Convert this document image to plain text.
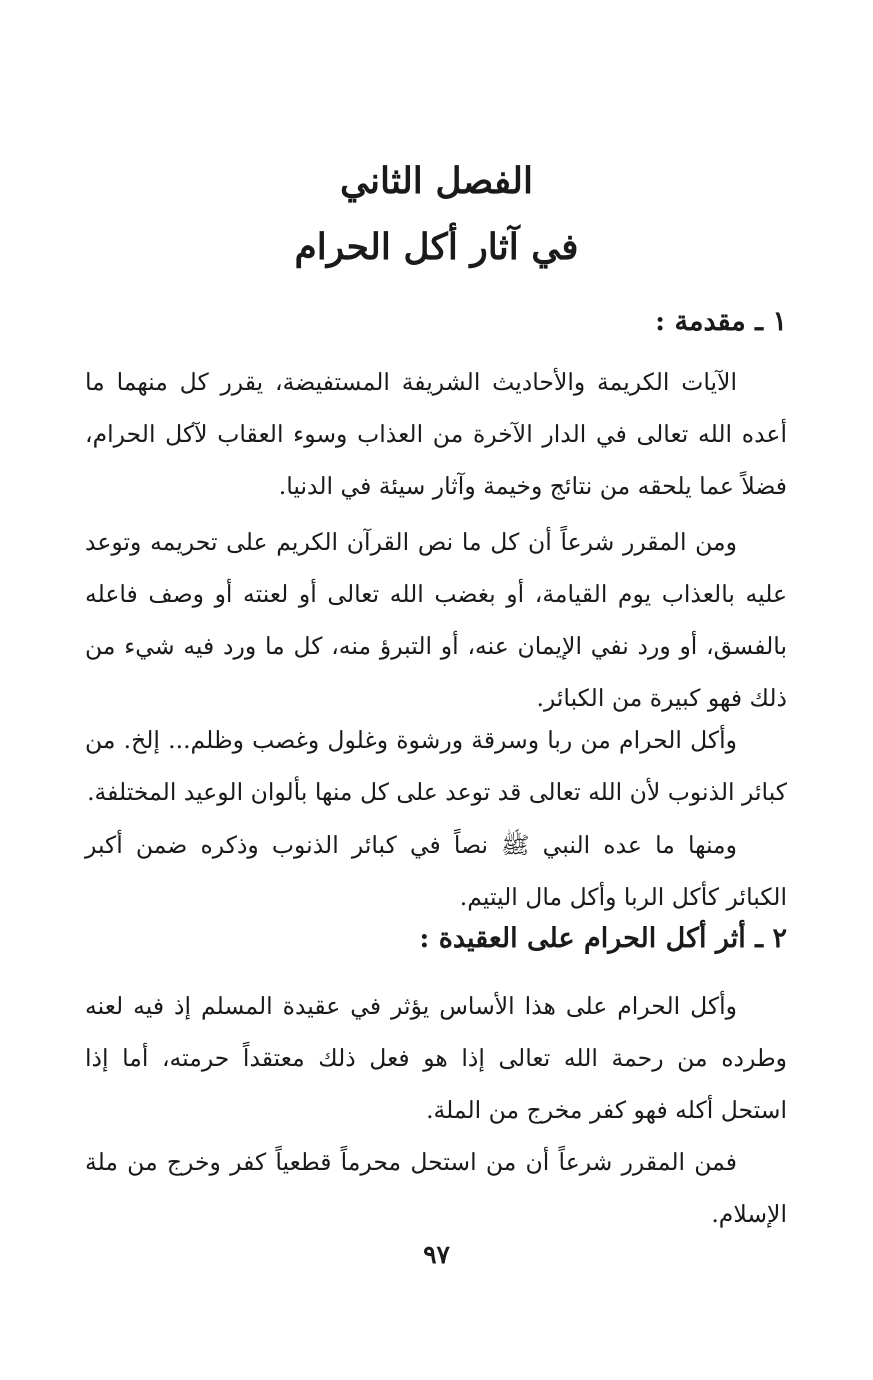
الفصل الثاني
في آثار أكل الحرام
١ ـ مقدمة :

الآيات الكريمة والأحاديث الشريفة المستفيضة، يقرر كل منهما ما أعده الله تعالى في الدار الآخرة من العذاب وسوء العقاب لآكل الحرام، فضلاً عما يلحقه من نتائج وخيمة وآثار سيئة في الدنيا.

ومن المقرر شرعاً أن كل ما نص القرآن الكريم على تحريمه وتوعد عليه بالعذاب يوم القيامة، أو بغضب الله تعالى أو لعنته أو وصف فاعله بالفسق، أو ورد نفي الإيمان عنه، أو التبرؤ منه، كل ما ورد فيه شيء من ذلك فهو كبيرة من الكبائر.

وأكل الحرام من ربا وسرقة ورشوة وغلول وغصب وظلم... إلخ. من كبائر الذنوب لأن الله تعالى قد توعد على كل منها بألوان الوعيد المختلفة.

ومنها ما عده النبي ﷺ نصاً في كبائر الذنوب وذكره ضمن أكبر الكبائر كأكل الربا وأكل مال اليتيم.

٢ ـ أثر أكل الحرام على العقيدة :

وأكل الحرام على هذا الأساس يؤثر في عقيدة المسلم إذ فيه لعنه وطرده من رحمة الله تعالى إذا هو فعل ذلك معتقداً حرمته، أما إذا استحل أكله فهو كفر مخرج من الملة.

فمن المقرر شرعاً أن من استحل محرماً قطعياً كفر وخرج من ملة الإسلام.

٩٧
